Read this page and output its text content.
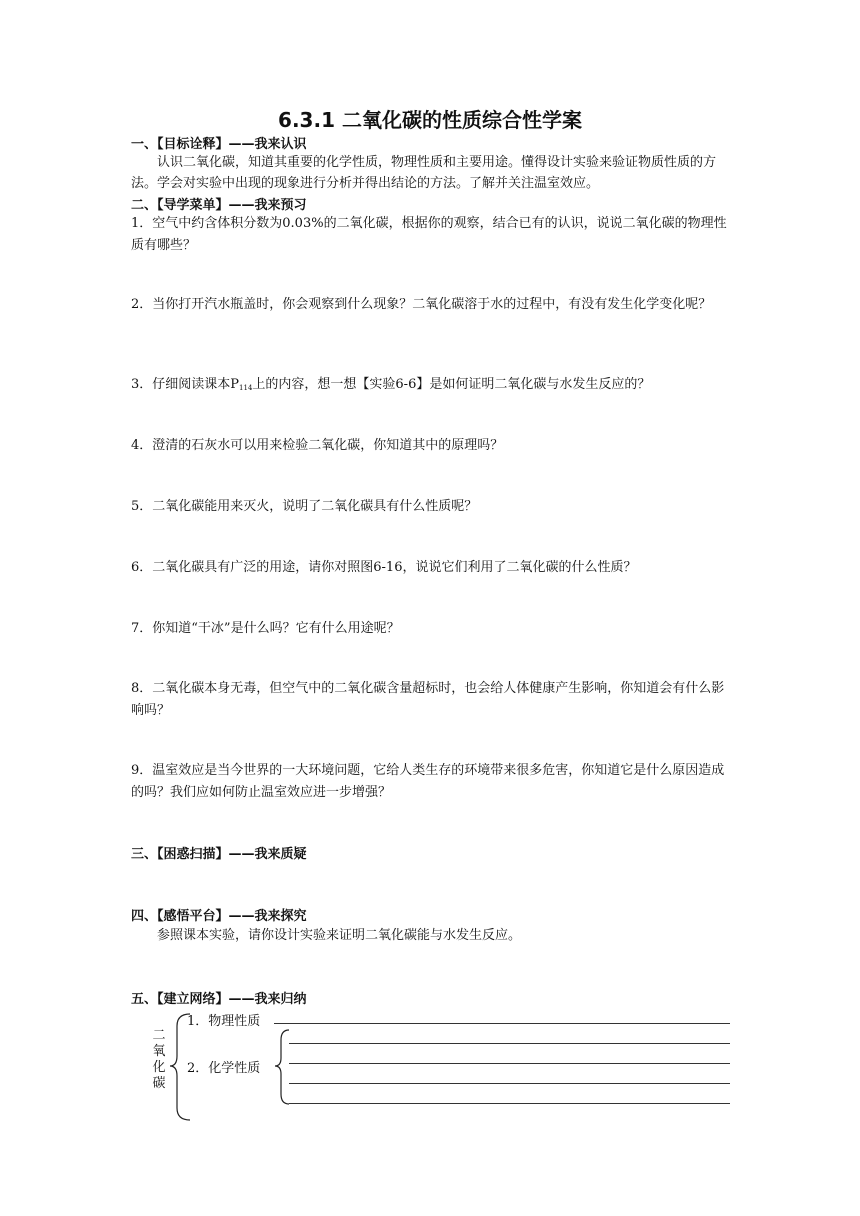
6.3.1 二氧化碳的性质综合性学案
一、【目标诠释】——我来认识
认识二氧化碳，知道其重要的化学性质，物理性质和主要用途。懂得设计实验来验证物质性质的方法。学会对实验中出现的现象进行分析并得出结论的方法。了解并关注温室效应。
二、【导学菜单】——我来预习
1．空气中约含体积分数为0.03%的二氧化碳，根据你的观察，结合已有的认识，说说二氧化碳的物理性质有哪些？
2．当你打开汽水瓶盖时，你会观察到什么现象？二氧化碳溶于水的过程中，有没有发生化学变化呢？
3．仔细阅读课本$P_{114}$上的内容，想一想【实验6-6】是如何证明二氧化碳与水发生反应的？
4．澄清的石灰水可以用来检验二氧化碳，你知道其中的原理吗？
5．二氧化碳能用来灭火，说明了二氧化碳具有什么性质呢？
6．二氧化碳具有广泛的用途，请你对照图6-16，说说它们利用了二氧化碳的什么性质？
7．你知道“干冰”是什么吗？它有什么用途呢？
8．二氧化碳本身无毒，但空气中的二氧化碳含量超标时，也会给人体健康产生影响，你知道会有什么影响吗？
9．温室效应是当今世界的一大环境问题，它给人类生存的环境带来很多危害，你知道它是什么原因造成的吗？我们应如何防止温室效应进一步增强？
三、【困惑扫描】——我来质疑
四、【感悟平台】——我来探究
参照课本实验，请你设计实验来证明二氧化碳能与水发生反应。
五、【建立网络】——我来归纳
二
氧
化
碳
1．物理性质
2．化学性质
